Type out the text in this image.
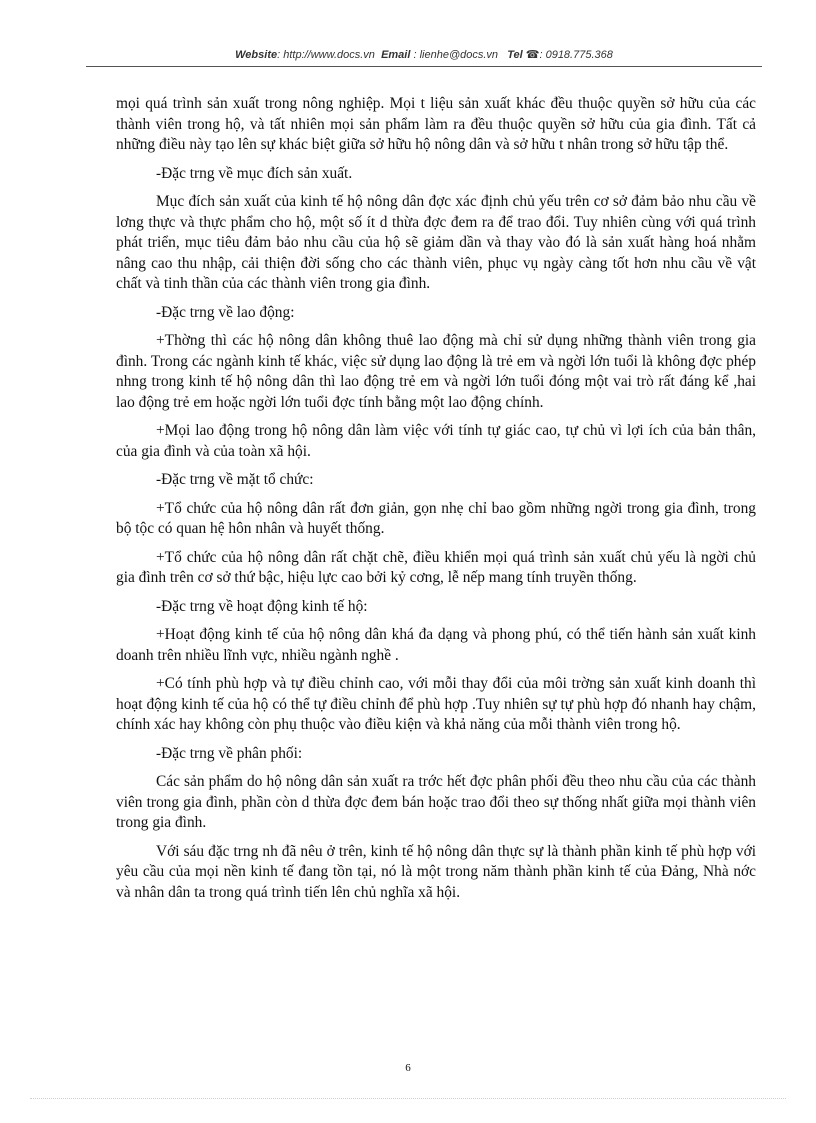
Website: http://www.docs.vn Email : lienhe@docs.vn Tel ☎: 0918.775.368

mọi quá trình sản xuất trong nông nghiệp. Mọi t liệu sản xuất khác đều thuộc quyền sở hữu của các thành viên trong hộ, và tất nhiên mọi sản phẩm làm ra đều thuộc quyền sở hữu của gia đình. Tất cả những điều này tạo lên sự khác biệt giữa sở hữu hộ nông dân và sở hữu t nhân trong sở hữu tập thể.

-Đặc trng về mục đích sản xuất.

Mục đích sản xuất của kinh tế hộ nông dân đợc xác định chủ yếu trên cơ sở đảm bảo nhu cầu về lơng thực và thực phẩm cho hộ, một số ít d thừa đợc đem ra để trao đổi. Tuy nhiên cùng với quá trình phát triển, mục tiêu đảm bảo nhu cầu của hộ sẽ giảm dần và thay vào đó là sản xuất hàng hoá nhằm nâng cao thu nhập, cải thiện đời sống cho các thành viên, phục vụ ngày càng tốt hơn nhu cầu về vật chất và tinh thần của các thành viên trong gia đình.

-Đặc trng về lao động:

+Thờng thì các hộ nông dân không thuê lao động mà chỉ sử dụng những thành viên trong gia đình. Trong các ngành kinh tế khác, việc sử dụng lao động là trẻ em và ngời lớn tuổi là không đợc phép nhng trong kinh tế hộ nông dân thì lao động trẻ em và ngời lớn tuổi đóng một vai trò rất đáng kể ,hai lao động trẻ em hoặc ngời lớn tuổi đợc tính bằng một lao động chính.

+Mọi lao động trong hộ nông dân làm việc với tính tự giác cao, tự chủ vì lợi ích của bản thân, của gia đình và của toàn xã hội.

-Đặc trng về mặt tổ chức:

+Tổ chức của hộ nông dân rất đơn giản, gọn nhẹ chỉ bao gồm những ngời trong gia đình, trong bộ tộc có quan hệ hôn nhân và huyết thống.

+Tổ chức của hộ nông dân rất chặt chẽ, điều khiển mọi quá trình sản xuất chủ yếu là ngời chủ gia đình trên cơ sở thứ bậc, hiệu lực cao bởi kỷ cơng, lễ nếp mang tính truyền thống.

-Đặc trng về hoạt động kinh tế hộ:

+Hoạt động kinh tế của hộ nông dân khá đa dạng và phong phú, có thể tiến hành sản xuất kinh doanh trên nhiều lĩnh vực, nhiều ngành nghề .

+Có tính phù hợp và tự điều chỉnh cao, với mỗi thay đổi của môi trờng sản xuất kinh doanh thì hoạt động kinh tế của hộ có thể tự điều chỉnh để phù hợp .Tuy nhiên sự tự phù hợp đó nhanh hay chậm, chính xác hay không còn phụ thuộc vào điều kiện và khả năng của mỗi thành viên trong hộ.

-Đặc trng về phân phối:

Các sản phẩm do hộ nông dân sản xuất ra trớc hết đợc phân phối đều theo nhu cầu của các thành viên trong gia đình, phần còn d thừa đợc đem bán hoặc trao đổi theo sự thống nhất giữa mọi thành viên trong gia đình.

Với sáu đặc trng nh đã nêu ở trên, kinh tế hộ nông dân thực sự là thành phần kinh tế phù hợp với yêu cầu của mọi nền kinh tế đang tồn tại, nó là một trong năm thành phần kinh tế của Đảng, Nhà nớc và nhân dân ta trong quá trình tiến lên chủ nghĩa xã hội.

6
